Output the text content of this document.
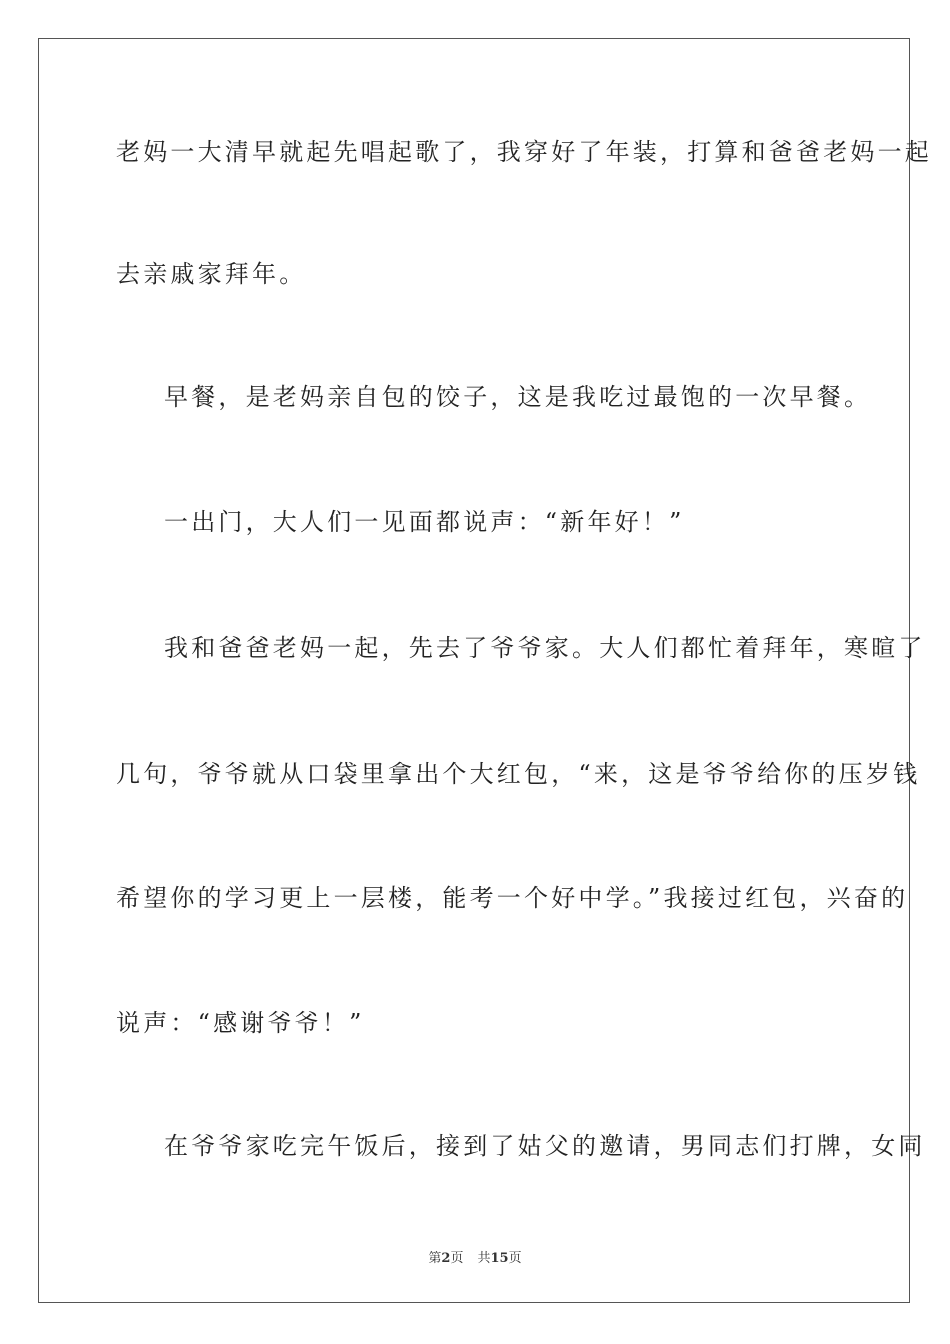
老妈一大清早就起先唱起歌了，我穿好了年装，打算和爸爸老妈一起
去亲戚家拜年。
早餐，是老妈亲自包的饺子，这是我吃过最饱的一次早餐。
一出门，大人们一见面都说声：“新年好！”
我和爸爸老妈一起，先去了爷爷家。大人们都忙着拜年，寒暄了
几句，爷爷就从口袋里拿出个大红包，“来，这是爷爷给你的压岁钱
希望你的学习更上一层楼，能考一个好中学。”我接过红包，兴奋的
说声：“感谢爷爷！”
在爷爷家吃完午饭后，接到了姑父的邀请，男同志们打牌，女同
第2页 共15页
